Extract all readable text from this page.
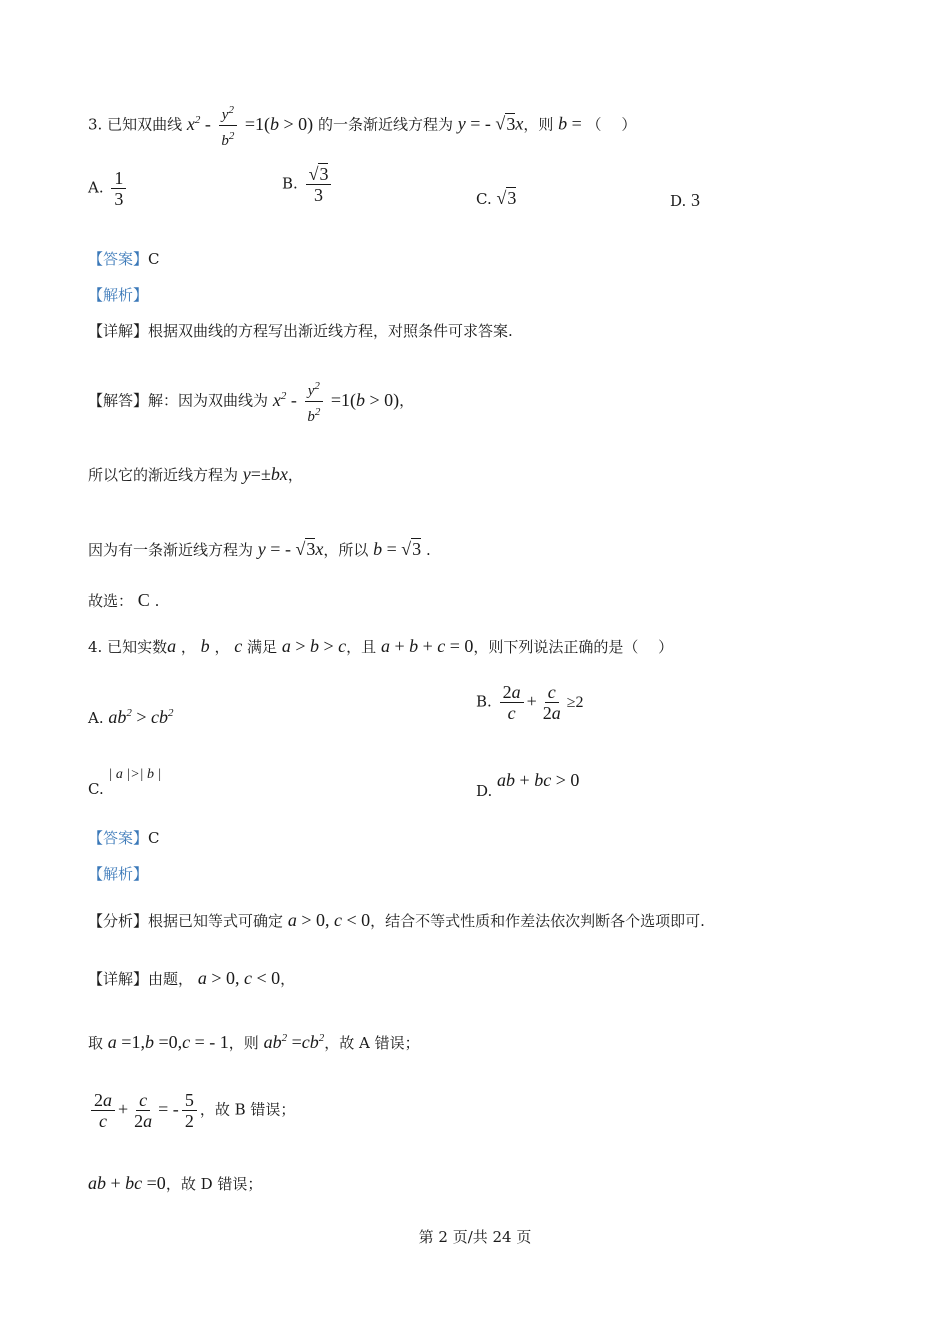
3. 已知双曲线 $x^2 - \frac{y^2}{b^2} =1(b > 0)$ 的一条渐近线方程为 y = - √3x，则 b = （　 ）
A. $\frac{1}{3}$	B. $\frac{√3}{3}$	C. √3	D. 3
【答案】C
【解析】
【详解】根据双曲线的方程写出渐近线方程，对照条件可求答案.
【解答】解：因为双曲线为 $x^2 - \frac{y^2}{b^2} =1(b > 0)$，
所以它的渐近线方程为 y=±bx，
因为有一条渐近线方程为 y = - √3x，所以 b = √3 .
故选： C .
4. 已知实数a ， b ， c 满足 a > b > c，且 a + b + c = 0，则下列说法正确的是（　 ）
A. $ab^2 > cb^2$
B. $\frac{2a}{c} + \frac{c}{2a} \ge 2$
C. | a |>| b |
D. ab + bc > 0
【答案】C
【解析】
【分析】根据已知等式可确定 a > 0, c < 0，结合不等式性质和作差法依次判断各个选项即可.
【详解】由题， a > 0, c < 0，
取 a =1,b =0,c = - 1，则 $ab^2 =cb^2$，故 A 错误；
$\frac{2a}{c} + \frac{c}{2a}$ = - $\frac{5}{2}$ ，故 B 错误；
ab + bc =0，故 D 错误；
第 2 页/共 24 页
